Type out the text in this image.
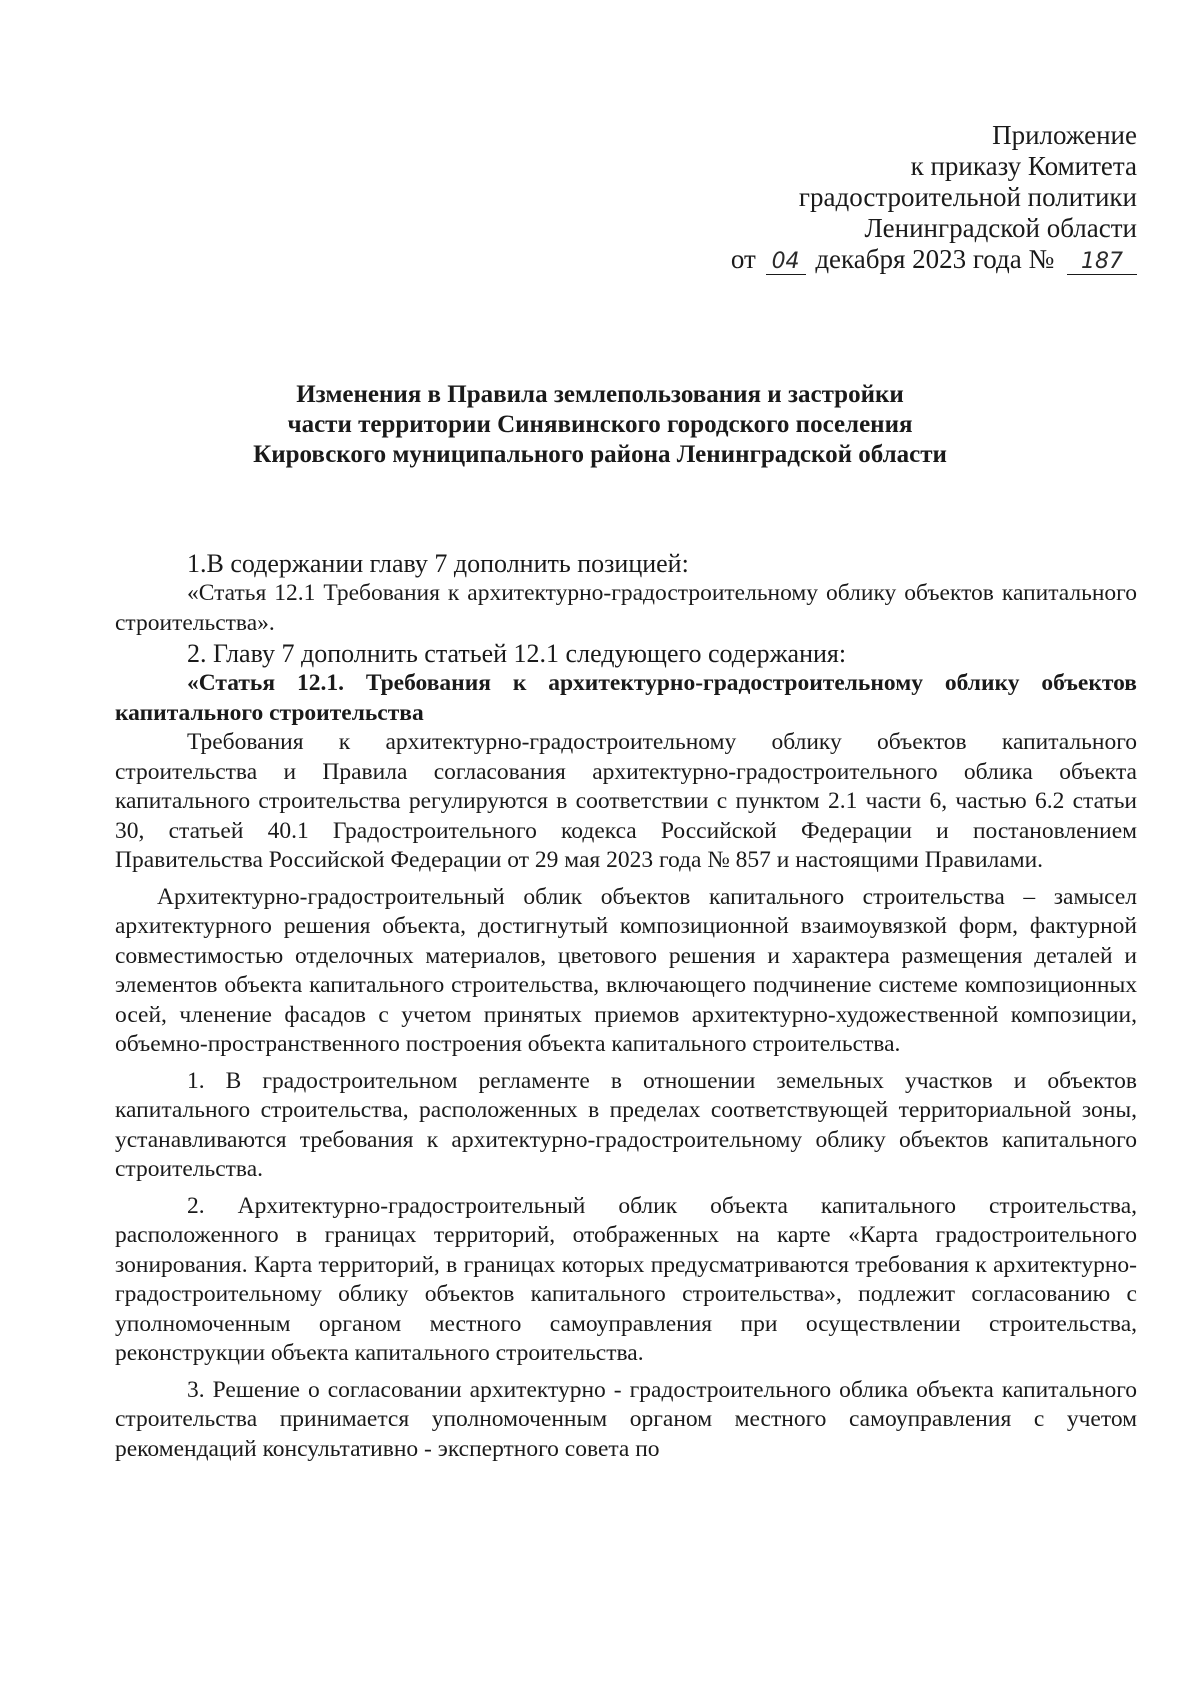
Приложение
к приказу Комитета
градостроительной политики
Ленинградской области
от 04 декабря 2023 года № 187
Изменения в Правила землепользования и застройки
части территории Синявинского городского поселения
Кировского муниципального района Ленинградской области

1.В содержании главу 7 дополнить позицией:

«Статья 12.1 Требования к архитектурно-градостроительному облику объектов капитального строительства».

2. Главу 7 дополнить статьей 12.1 следующего содержания:

«Статья 12.1. Требования к архитектурно-градостроительному облику объектов капитального строительства

Требования к архитектурно-градостроительному облику объектов капитального строительства и Правила согласования архитектурно-градостроительного облика объекта капитального строительства регулируются в соответствии с пунктом 2.1 части 6, частью 6.2 статьи 30, статьей 40.1 Градостроительного кодекса Российской Федерации и постановлением Правительства Российской Федерации от 29 мая 2023 года № 857 и настоящими Правилами.

Архитектурно-градостроительный облик объектов капитального строительства – замысел архитектурного решения объекта, достигнутый композиционной взаимоувязкой форм, фактурной совместимостью отделочных материалов, цветового решения и характера размещения деталей и элементов объекта капитального строительства, включающего подчинение системе композиционных осей, членение фасадов с учетом принятых приемов архитектурно-художественной композиции, объемно-пространственного построения объекта капитального строительства.

1. В градостроительном регламенте в отношении земельных участков и объектов капитального строительства, расположенных в пределах соответствующей территориальной зоны, устанавливаются требования к архитектурно-градостроительному облику объектов капитального строительства.

2. Архитектурно-градостроительный облик объекта капитального строительства, расположенного в границах территорий, отображенных на карте «Карта градостроительного зонирования. Карта территорий, в границах которых предусматриваются требования к архитектурно-градостроительному облику объектов капитального строительства», подлежит согласованию с уполномоченным органом местного самоуправления при осуществлении строительства, реконструкции объекта капитального строительства.

3. Решение о согласовании архитектурно - градостроительного облика объекта капитального строительства принимается уполномоченным органом местного самоуправления с учетом рекомендаций консультативно - экспертного совета по
